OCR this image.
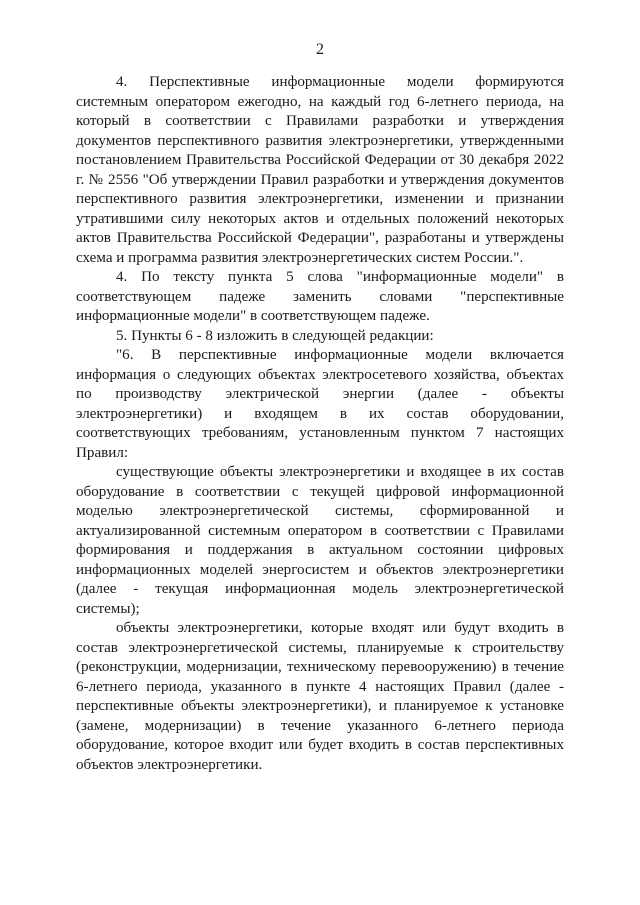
2

4. Перспективные информационные модели формируются системным оператором ежегодно, на каждый год 6-летнего периода, на который в соответствии с Правилами разработки и утверждения документов перспективного развития электроэнергетики, утвержденными постановлением Правительства Российской Федерации от 30 декабря 2022 г. № 2556 "Об утверждении Правил разработки и утверждения документов перспективного развития электроэнергетики, изменении и признании утратившими силу некоторых актов и отдельных положений некоторых актов Правительства Российской Федерации", разработаны и утверждены схема и программа развития электроэнергетических систем России.".

4. По тексту пункта 5 слова "информационные модели" в соответствующем падеже заменить словами "перспективные информационные модели" в соответствующем падеже.

5. Пункты 6 - 8 изложить в следующей редакции:

"6. В перспективные информационные модели включается информация о следующих объектах электросетевого хозяйства, объектах по производству электрической энергии (далее - объекты электроэнергетики) и входящем в их состав оборудовании, соответствующих требованиям, установленным пунктом 7 настоящих Правил:

существующие объекты электроэнергетики и входящее в их состав оборудование в соответствии с текущей цифровой информационной моделью электроэнергетической системы, сформированной и актуализированной системным оператором в соответствии с Правилами формирования и поддержания в актуальном состоянии цифровых информационных моделей энергосистем и объектов электроэнергетики (далее - текущая информационная модель электроэнергетической системы);

объекты электроэнергетики, которые входят или будут входить в состав электроэнергетической системы, планируемые к строительству (реконструкции, модернизации, техническому перевооружению) в течение 6-летнего периода, указанного в пункте 4 настоящих Правил (далее - перспективные объекты электроэнергетики), и планируемое к установке (замене, модернизации) в течение указанного 6-летнего периода оборудование, которое входит или будет входить в состав перспективных объектов электроэнергетики.
